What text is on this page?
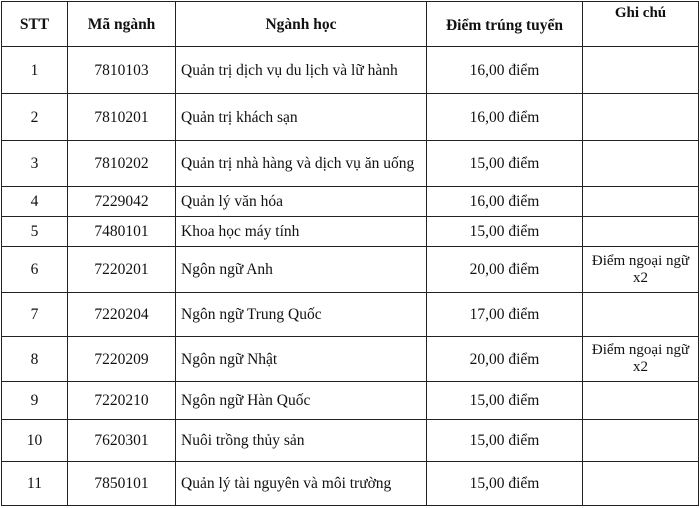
STT	Mã ngành	Ngành học	Điểm trúng tuyển	Ghi chú
1	7810103	Quản trị dịch vụ du lịch và lữ hành	16,00 điểm	
2	7810201	Quản trị khách sạn	16,00 điểm	
3	7810202	Quản trị nhà hàng và dịch vụ ăn uống	15,00 điểm	
4	7229042	Quản lý văn hóa	16,00 điểm	
5	7480101	Khoa học máy tính	15,00 điểm	
6	7220201	Ngôn ngữ Anh	20,00 điểm	Điểm ngoại ngữ x2
7	7220204	Ngôn ngữ Trung Quốc	17,00 điểm	
8	7220209	Ngôn ngữ Nhật	20,00 điểm	Điểm ngoại ngữ x2
9	7220210	Ngôn ngữ Hàn Quốc	15,00 điểm	
10	7620301	Nuôi trồng thủy sản	15,00 điểm	
11	7850101	Quản lý tài nguyên và môi trường	15,00 điểm	
